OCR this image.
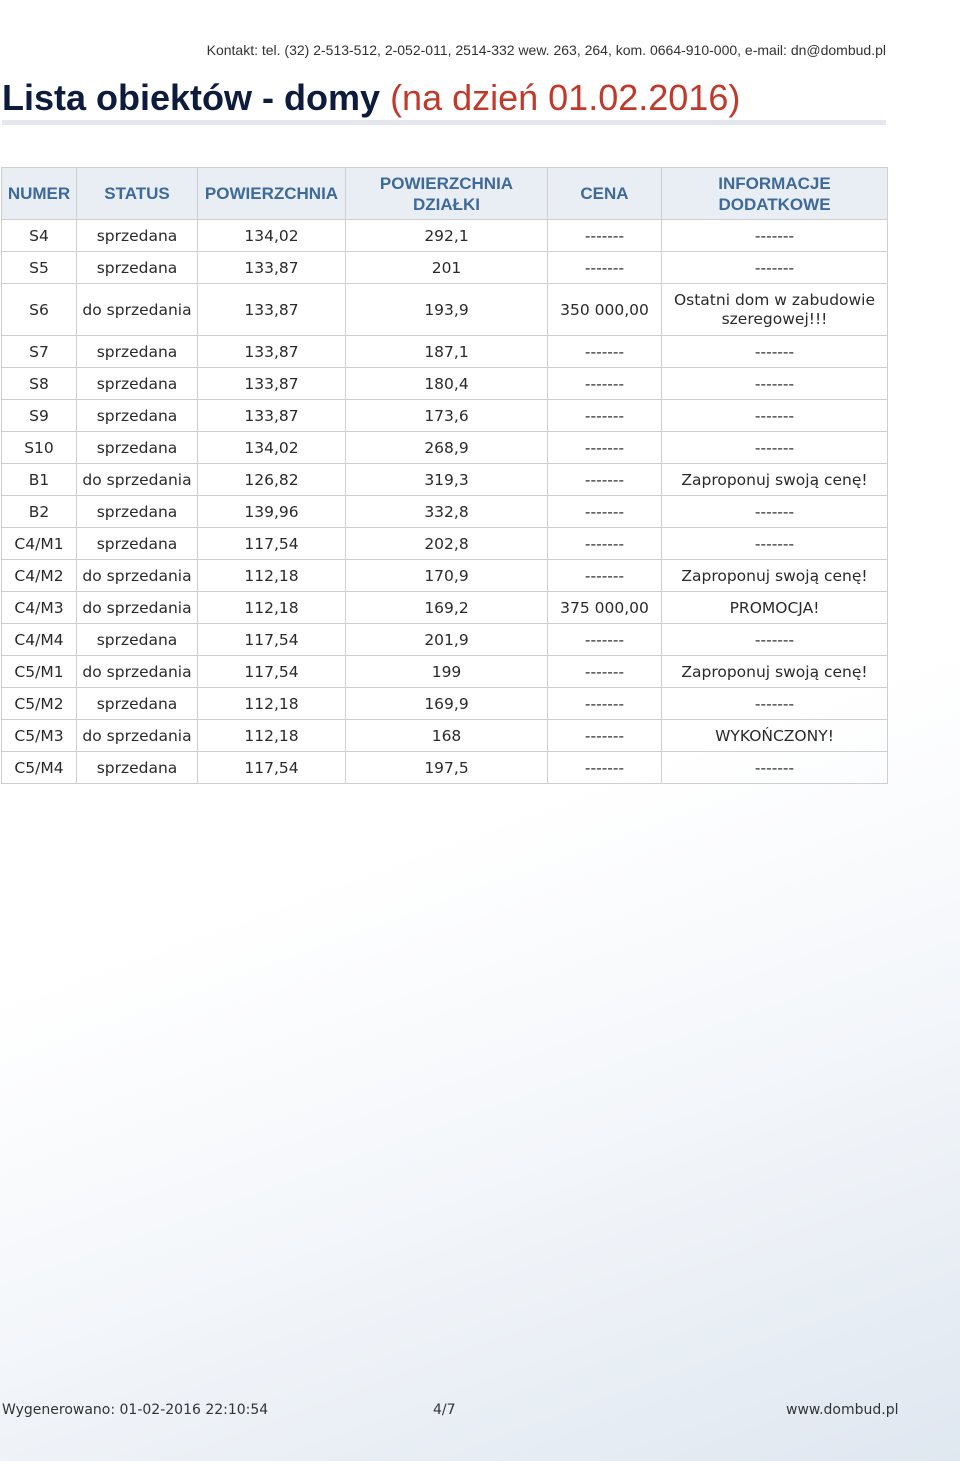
Kontakt: tel. (32) 2-513-512, 2-052-011, 2514-332 wew. 263, 264, kom. 0664-910-000, e-mail: dn@dombud.pl
Lista obiektów - domy (na dzień 01.02.2016)
NUMER	STATUS	POWIERZCHNIA	POWIERZCHNIA DZIAŁKI	CENA	INFORMACJE DODATKOWE
S4	sprzedana	134,02	292,1	-------	-------
S5	sprzedana	133,87	201	-------	-------
S6	do sprzedania	133,87	193,9	350 000,00	Ostatni dom w zabudowie szeregowej!!!
S7	sprzedana	133,87	187,1	-------	-------
S8	sprzedana	133,87	180,4	-------	-------
S9	sprzedana	133,87	173,6	-------	-------
S10	sprzedana	134,02	268,9	-------	-------
B1	do sprzedania	126,82	319,3	-------	Zaproponuj swoją cenę!
B2	sprzedana	139,96	332,8	-------	-------
C4/M1	sprzedana	117,54	202,8	-------	-------
C4/M2	do sprzedania	112,18	170,9	-------	Zaproponuj swoją cenę!
C4/M3	do sprzedania	112,18	169,2	375 000,00	PROMOCJA!
C4/M4	sprzedana	117,54	201,9	-------	-------
C5/M1	do sprzedania	117,54	199	-------	Zaproponuj swoją cenę!
C5/M2	sprzedana	112,18	169,9	-------	-------
C5/M3	do sprzedania	112,18	168	-------	WYKOŃCZONY!
C5/M4	sprzedana	117,54	197,5	-------	-------
Wygenerowano: 01-02-2016 22:10:54	4/7	www.dombud.pl
